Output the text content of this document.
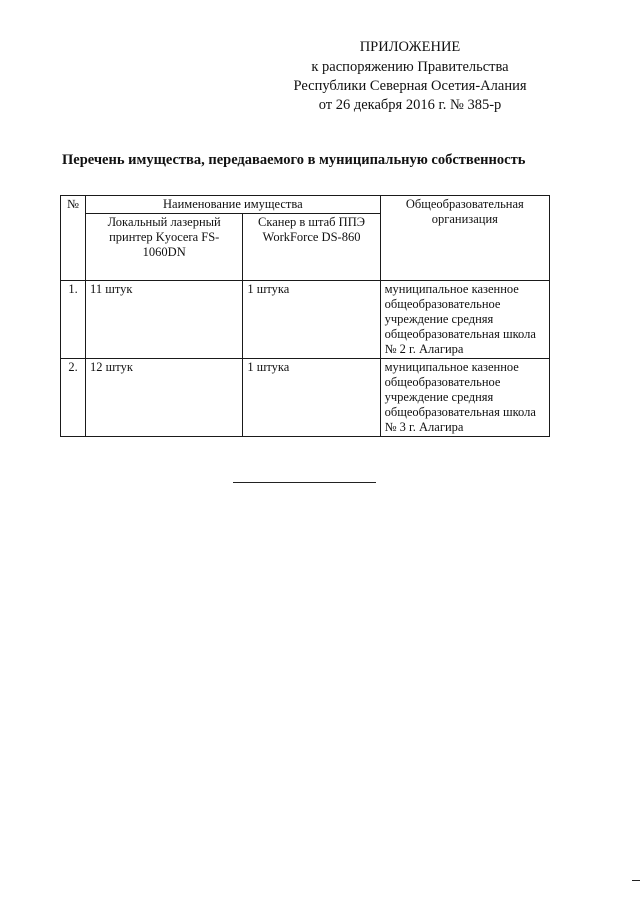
ПРИЛОЖЕНИЕ
к распоряжению Правительства
Республики Северная Осетия-Алания
от 26 декабря 2016 г. № 385-р
Перечень имущества, передаваемого в муниципальную собственность
№	Наименование имущества		Общеобразовательная организация
	Локальный лазерный принтер Kyocera FS-1060DN	Сканер в штаб ППЭ WorkForce DS-860	
1.	11 штук	1 штука	муниципальное казенное общеобразовательное учреждение средняя общеобразовательная школа № 2 г. Алагира
2.	12 штук	1 штука	муниципальное казенное общеобразовательное учреждение средняя общеобразовательная школа № 3 г. Алагира
